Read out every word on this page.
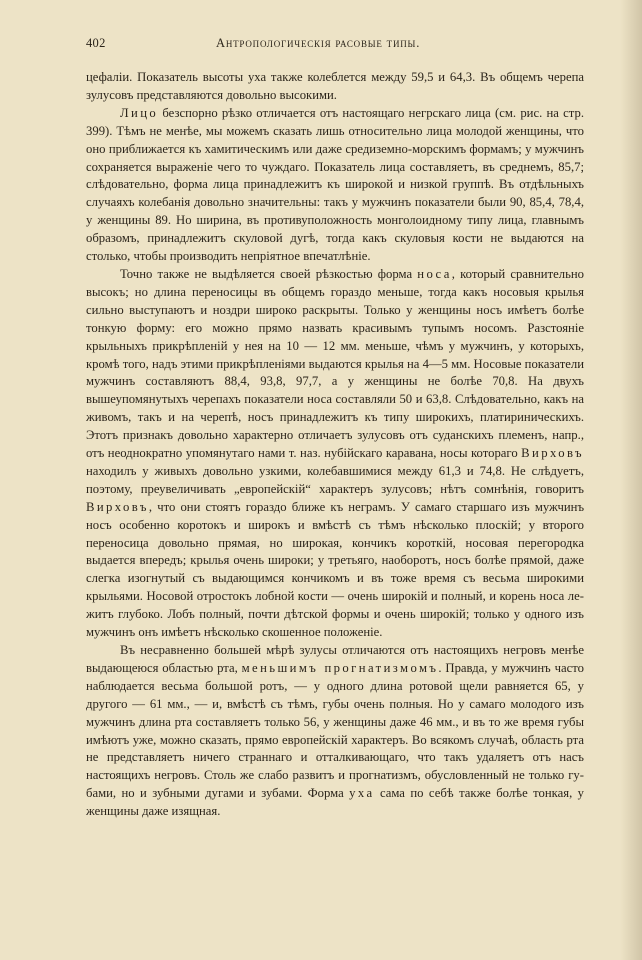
402	Антропологическія расовые типы.

цефаліи. Показатель высоты уха также колеблется между 59,5 и 64,3. Въ общемъ черепа зулусовъ представляются довольно высокими.

Лицо безспорно рѣзко отличается отъ настоящаго негрскаго лица (см. рис. на стр. 399). Тѣмъ не менѣе, мы можемъ сказать лишь относительно лица молодой женщины, что оно приближается къ хамитическимъ или даже средиземно-морскимъ формамъ; у мужчинъ сохраняется выраженіе чего то чуждаго. Показатель лица составляетъ, въ среднемъ, 85,7; слѣдовательно, форма лица принадлежитъ къ широкой и низкой группѣ. Въ отдѣльныхъ случаяхъ колебанія довольно значительны: такъ у мужчинъ показатели были 90, 85,4, 78,4, у женщины 89. Но ширина, въ противуположность монголоидному типу лица, главнымъ образомъ, принадлежитъ скуловой дугѣ, тогда какъ скуловыя кости не выдаются на столько, чтобы производить непріятное впечатлѣніе.

Точно также не выдѣляется своей рѣзкостью форма носа, который сравнительно высокъ; но длина переносицы въ общемъ гораздо меньше, тогда какъ носовыя крылья сильно выступаютъ и ноздри широко раскрыты. Только у женщины носъ имѣетъ болѣе тонкую форму: его можно прямо назвать красивымъ тупымъ носомъ. Разстояніе крыльныхъ прикрѣпленій у нея на 10 — 12 мм. меньше, чѣмъ у мужчинъ, у которыхъ, кромѣ того, надъ этими прикрѣпленіями выдаются крылья на 4—5 мм. Носовые показатели мужчинъ составляютъ 88,4, 93,8, 97,7, а у женщины не болѣе 70,8. На двухъ вышеупомянутыхъ черепахъ показатели носа составляли 50 и 63,8. Слѣдовательно, какъ на живомъ, такъ и на черепѣ, носъ принадлежитъ къ типу широкихъ, платириническихъ. Этотъ признакъ довольно характерно отличаетъ зулусовъ отъ суданскихъ племенъ, напр., отъ неоднократно упомянутаго нами т. наз. нубійскаго каравана, носы котораго Вирховъ находилъ у живыхъ довольно узкими, колебавшимися между 61,3 и 74,8. Не слѣдуетъ, поэтому, преувеличивать „европейскій“ характеръ зулусовъ; нѣтъ сомнѣнія, говоритъ Вирховъ, что они стоятъ гораздо ближе къ неграмъ. У самаго старшаго изъ мужчинъ носъ особенно коротокъ и широкъ и вмѣстѣ съ тѣмъ нѣсколько плоскій; у второго переносица довольно прямая, но широкая, кончикъ короткій, носовая перегородка выдается впередъ; крылья очень широки; у третьяго, наоборотъ, носъ болѣе прямой, даже слегка изогнутый съ выдающимся кончикомъ и въ тоже время съ весьма широкими крыльями. Носовой отростокъ лобной кости — очень широкій и полный, и корень носа лежитъ глубоко. Лобъ полный, почти дѣтской формы и очень широкій; только у одного изъ мужчинъ онъ имѣетъ нѣсколько скошенное положеніе.

Въ несравненно большей мѣрѣ зулусы отличаются отъ настоящихъ негровъ менѣе выдающеюся областью рта, меньшимъ прогнатизмомъ. Правда, у мужчинъ часто наблюдается весьма большой ротъ, — у одного длина ротовой щели равняется 65, у другого — 61 мм., — и, вмѣстѣ съ тѣмъ, губы очень полныя. Но у самаго молодого изъ мужчинъ длина рта составляетъ только 56, у женщины даже 46 мм., и въ то же время губы имѣютъ уже, можно сказать, прямо европейскій характеръ. Во всякомъ случаѣ, область рта не представляетъ ничего страннаго и отталкивающаго, что такъ удаляетъ отъ насъ настоящихъ негровъ. Столь же слабо развитъ и прогнатизмъ, обусловленный не только губами, но и зубными дугами и зубами. Форма уха сама по себѣ также болѣе тонкая, у женщины даже изящная.
